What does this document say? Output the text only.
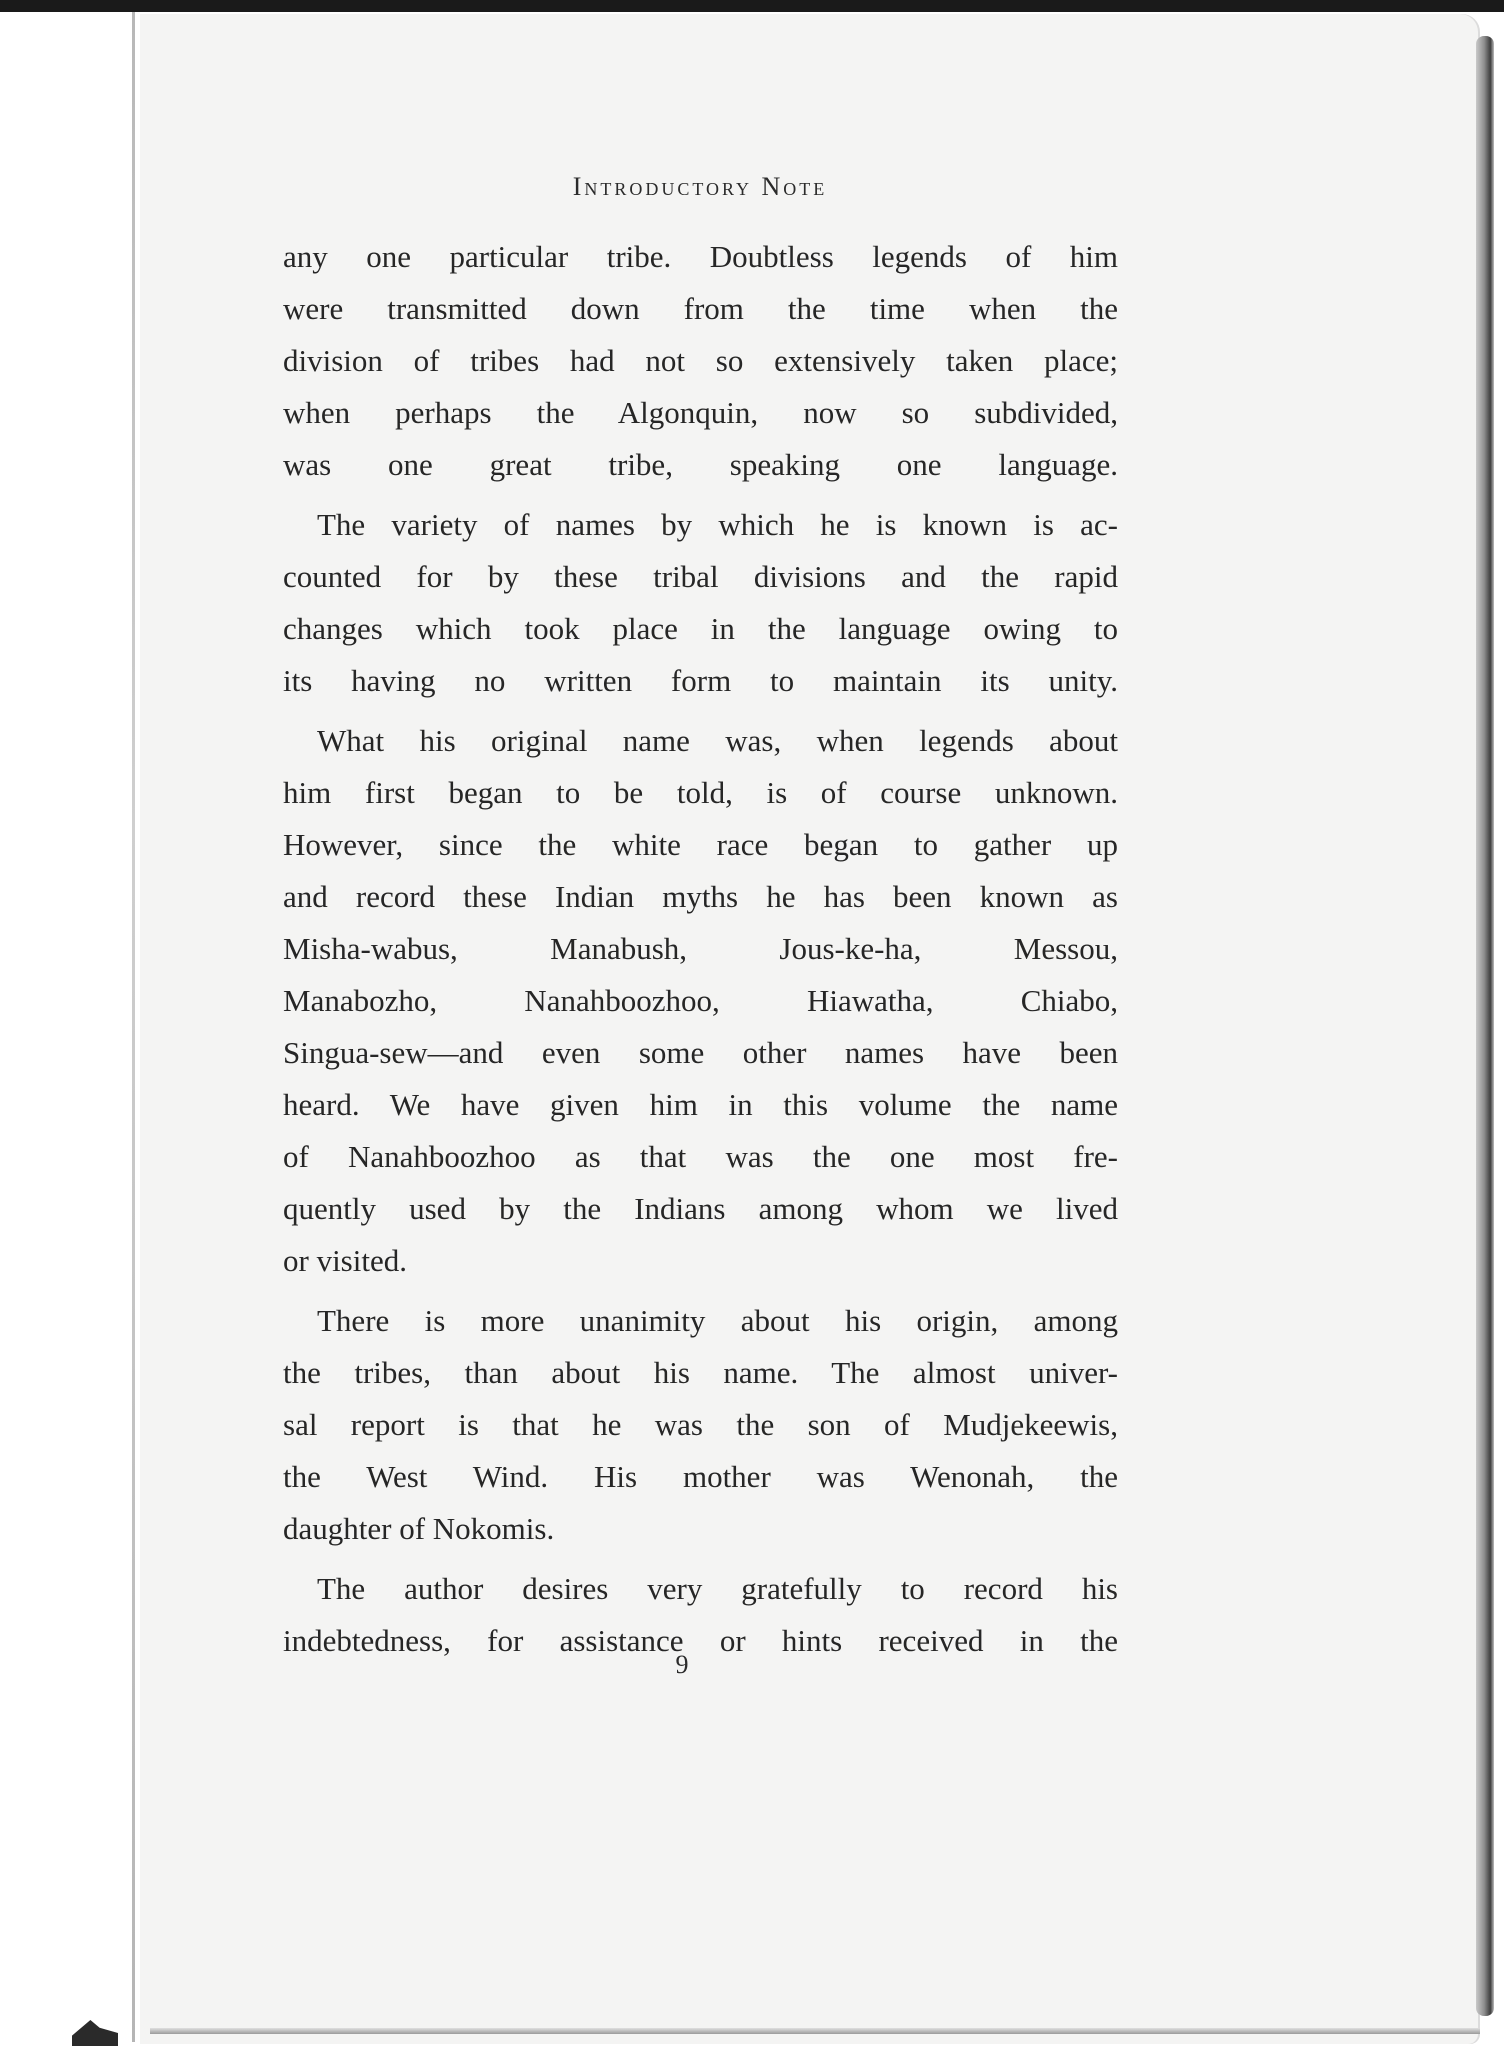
Introductory Note
any one particular tribe. Doubtless legends of him
were transmitted down from the time when the
division of tribes had not so extensively taken place;
when perhaps the Algonquin, now so subdivided,
was one great tribe, speaking one language.
The variety of names by which he is known is ac-
counted for by these tribal divisions and the rapid
changes which took place in the language owing to
its having no written form to maintain its unity.
What his original name was, when legends about
him first began to be told, is of course unknown.
However, since the white race began to gather up
and record these Indian myths he has been known as
Misha-wabus, Manabush, Jous-ke-ha, Messou,
Manabozho, Nanahboozhoo, Hiawatha, Chiabo,
Singua-sew—and even some other names have been
heard. We have given him in this volume the name
of Nanahboozhoo as that was the one most fre-
quently used by the Indians among whom we lived
or visited.
There is more unanimity about his origin, among
the tribes, than about his name. The almost univer-
sal report is that he was the son of Mudjekeewis,
the West Wind. His mother was Wenonah, the
daughter of Nokomis.
The author desires very gratefully to record his
indebtedness, for assistance or hints received in the
9
